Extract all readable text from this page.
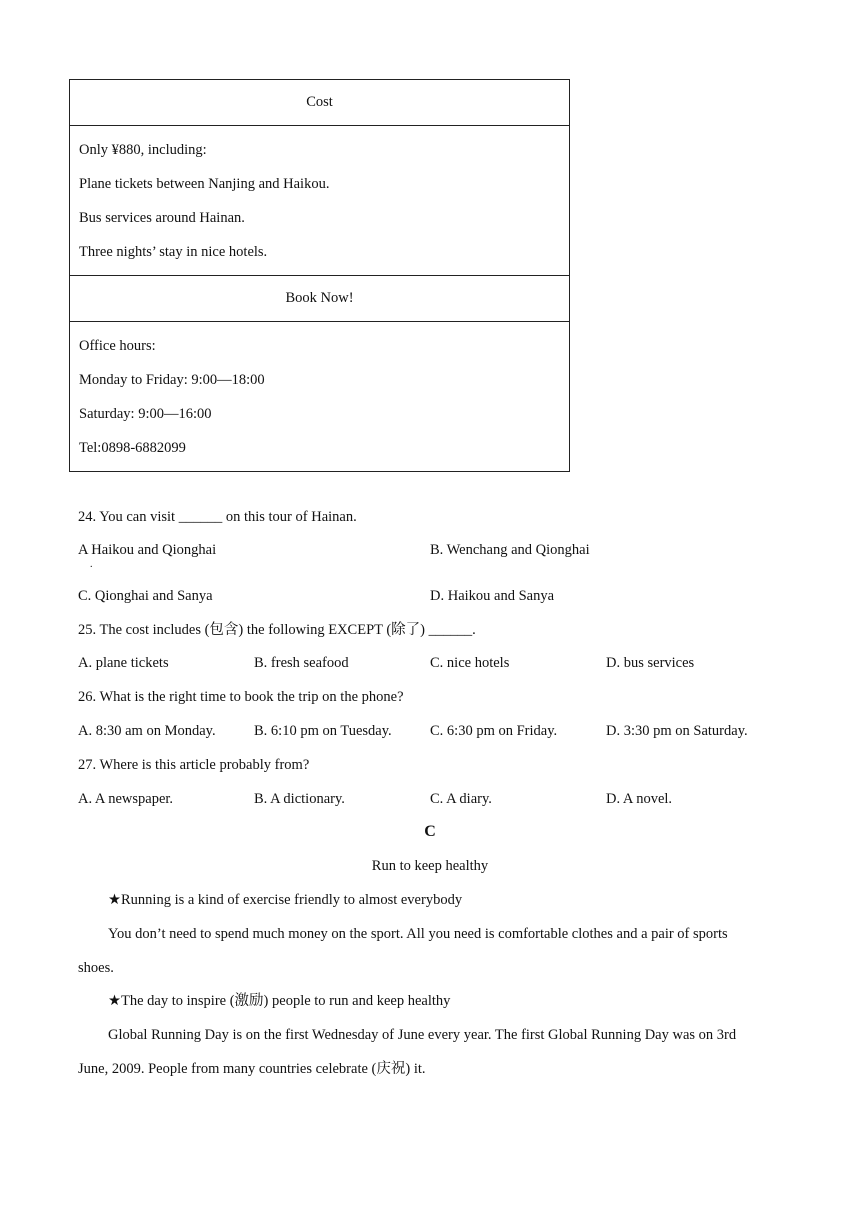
Cost

Only ¥880, including:
Plane tickets between Nanjing and Haikou.
Bus services around Hainan.
Three nights’ stay in nice hotels.

Book Now!

Office hours:
Monday to Friday: 9:00—18:00
Saturday: 9:00—16:00
Tel:0898-6882099
24. You can visit ______ on this tour of Hainan.
A Haikou and Qionghai
.
B. Wenchang and Qionghai
C. Qionghai and Sanya	D. Haikou and Sanya
25. The cost includes (包含) the following EXCEPT (除了) ______.
A. plane tickets	B. fresh seafood	C. nice hotels	D. bus services
26. What is the right time to book the trip on the phone?
A. 8:30 am on Monday.	B. 6:10 pm on Tuesday.	C. 6:30 pm on Friday.	D. 3:30 pm on Saturday.
27. Where is this article probably from?
A. A newspaper.	B. A dictionary.	C. A diary.	D. A novel.
C
Run to keep healthy
★Running is a kind of exercise friendly to almost everybody
You don’t need to spend much money on the sport. All you need is comfortable clothes and a pair of sports
shoes.
★The day to inspire (激励) people to run and keep healthy
Global Running Day is on the first Wednesday of June every year. The first Global Running Day was on 3rd
June, 2009. People from many countries celebrate (庆祝) it.
